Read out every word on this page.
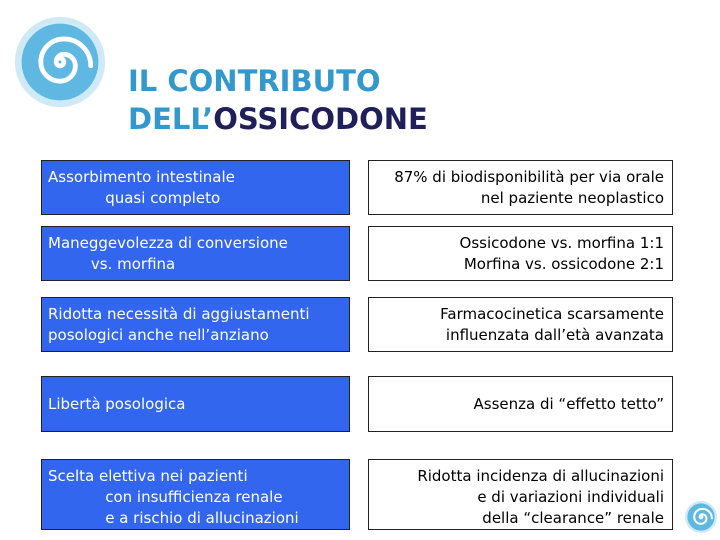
IL CONTRIBUTO
DELL’OSSICODONE
Assorbimento intestinale
quasi completo
87% di biodisponibilità per via orale
nel paziente neoplastico
Maneggevolezza di conversione
vs. morfina
Ossicodone vs. morfina 1:1
Morfina vs. ossicodone 2:1
Ridotta necessità di aggiustamenti
posologici anche nell’anziano
Farmacocinetica scarsamente
influenzata dall’età avanzata
Libertà posologica	Assenza di “effetto tetto”
Scelta elettiva nei pazienti
con insufficienza renale
e a rischio di allucinazioni
Ridotta incidenza di allucinazioni
e di variazioni individuali
della “clearance” renale
